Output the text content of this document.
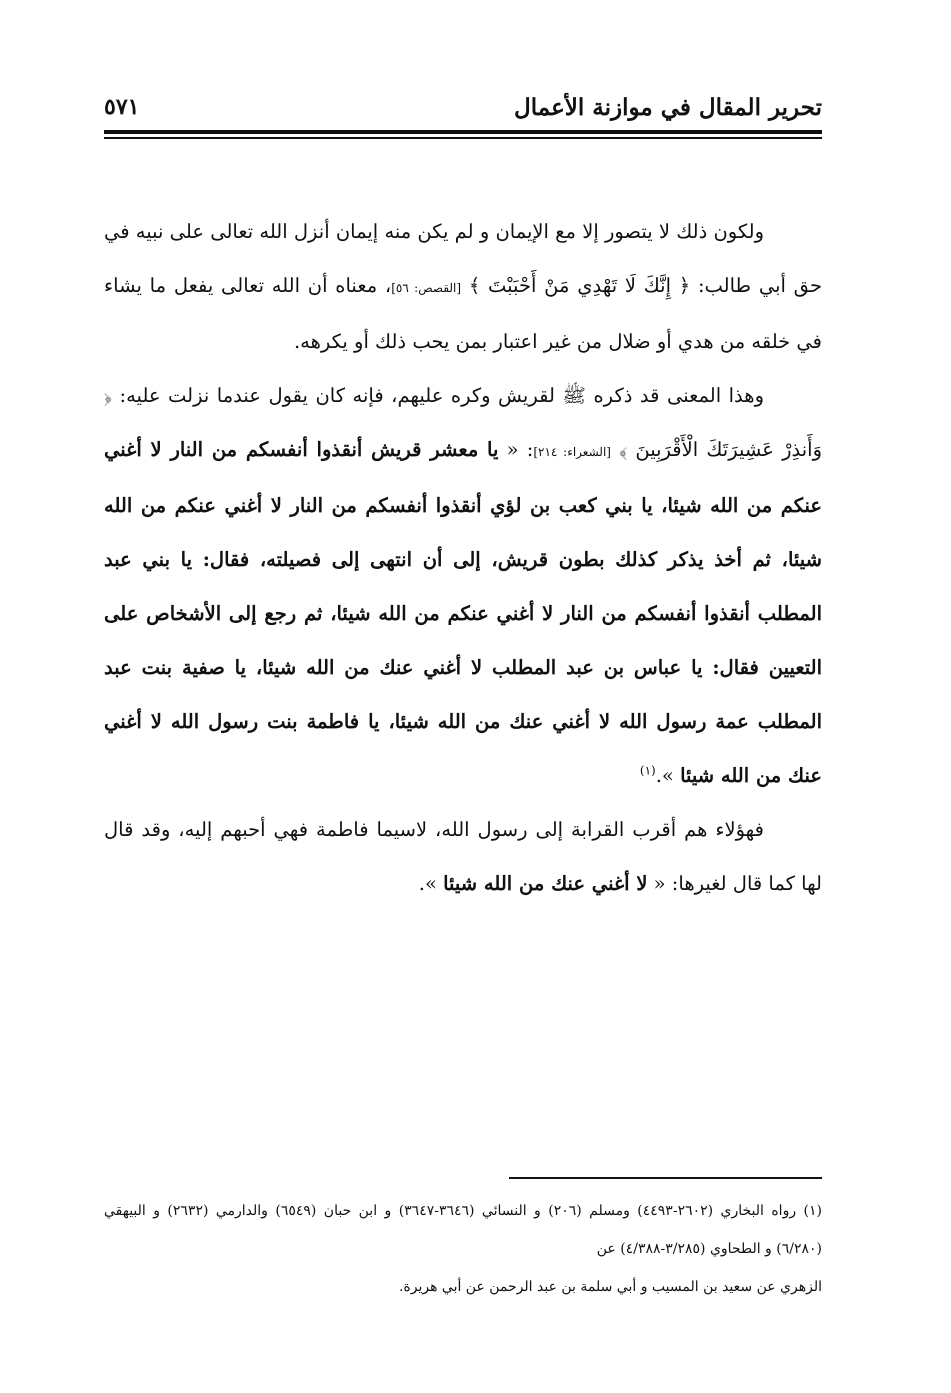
تحرير المقال في موازنة الأعمال
٥٧١

ولكون ذلك لا يتصور إلا مع الإيمان و لم يكن منه إيمان أنزل الله تعالى على نبيه في حق أبي طالب: ﴿ إِنَّكَ لَا تَهْدِي مَنْ أَحْبَبْتَ ﴾ [القصص: ٥٦]، معناه أن الله تعالى يفعل ما يشاء في خلقه من هدي أو ضلال من غير اعتبار بمن يحب ذلك أو يكرهه.

وهذا المعنى قد ذكره ﷺ لقريش وكره عليهم، فإنه كان يقول عندما نزلت عليه: ﴿ وَأَنذِرْ عَشِيرَتَكَ الْأَقْرَبِينَ ﴾ [الشعراء: ٢١٤]: « يا معشر قريش أنقذوا أنفسكم من النار لا أغني عنكم من الله شيئا، يا بني كعب بن لؤي أنقذوا أنفسكم من النار لا أغني عنكم من الله شيئا، ثم أخذ يذكر كذلك بطون قريش، إلى أن انتهى إلى فصيلته، فقال: يا بني عبد المطلب أنقذوا أنفسكم من النار لا أغني عنكم من الله شيئا، ثم رجع إلى الأشخاص على التعيين فقال: يا عباس بن عبد المطلب لا أغني عنك من الله شيئا، يا صفية بنت عبد المطلب عمة رسول الله لا أغني عنك من الله شيئا، يا فاطمة بنت رسول الله لا أغني عنك من الله شيئا ».$^{(١)}$

فهؤلاء هم أقرب القرابة إلى رسول الله، لاسيما فاطمة فهي أحبهم إليه، وقد قال لها كما قال لغيرها: « لا أغني عنك من الله شيئا ».

(١) رواه البخاري (٢٦٠٢-٤٤٩٣) ومسلم (٢٠٦) و النسائي (٣٦٤٦-٣٦٤٧) و ابن حبان (٦٥٤٩) والدارمي (٢٦٣٢) و البيهقي (٦/٢٨٠) و الطحاوي (٣/٢٨٥-٤/٣٨٨) عن

الزهري عن سعيد بن المسيب و أبي سلمة بن عبد الرحمن عن أبي هريرة.
